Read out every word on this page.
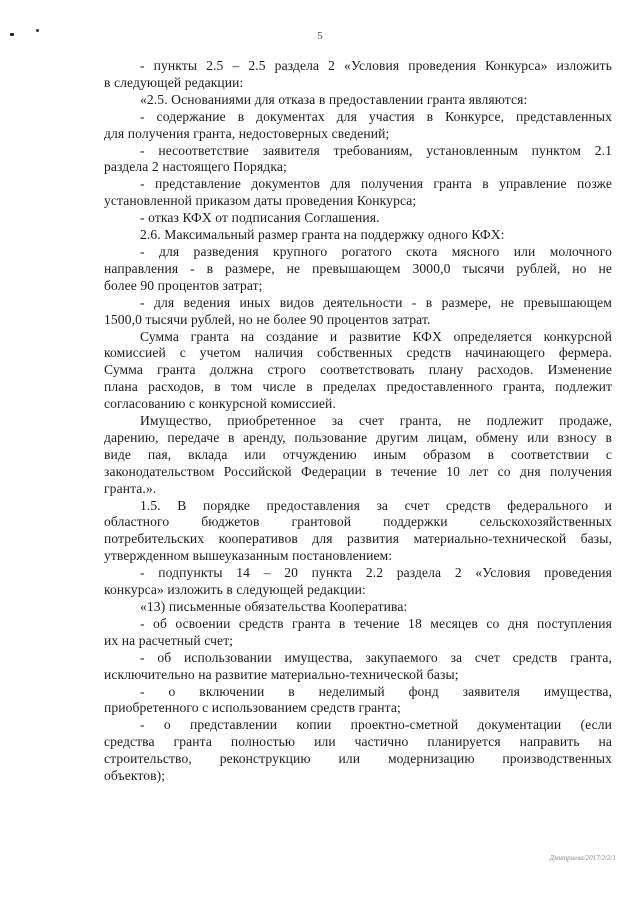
5
- пункты 2.5 – 2.5 раздела 2 «Условия проведения Конкурса» изложить
в следующей редакции:
«2.5. Основаниями для отказа в предоставлении гранта являются:
- содержание в документах для участия в Конкурсе, представленных
для получения гранта, недостоверных сведений;
- несоответствие заявителя требованиям, установленным пунктом 2.1
раздела 2 настоящего Порядка;
- представление документов для получения гранта в управление позже
установленной приказом даты проведения Конкурса;
- отказ КФХ от подписания Соглашения.
2.6. Максимальный размер гранта на поддержку одного КФХ:
- для разведения крупного рогатого скота мясного или молочного
направления - в размере, не превышающем 3000,0 тысячи рублей, но не
более 90 процентов затрат;
- для ведения иных видов деятельности - в размере, не превышающем
1500,0 тысячи рублей, но не более 90 процентов затрат.
Сумма гранта на создание и развитие КФХ определяется конкурсной
комиссией с учетом наличия собственных средств начинающего фермера.
Сумма гранта должна строго соответствовать плану расходов. Изменение
плана расходов, в том числе в пределах предоставленного гранта, подлежит
согласованию с конкурсной комиссией.
Имущество, приобретенное за счет гранта, не подлежит продаже,
дарению, передаче в аренду, пользование другим лицам, обмену или взносу в
виде пая, вклада или отчуждению иным образом в соответствии с
законодательством Российской Федерации в течение 10 лет со дня получения
гранта.».
1.5. В порядке предоставления за счет средств федерального и
областного бюджетов грантовой поддержки сельскохозяйственных
потребительских кооперативов для развития материально-технической базы,
утвержденном вышеуказанным постановлением:
- подпункты 14 – 20 пункта 2.2 раздела 2 «Условия проведения
конкурса» изложить в следующей редакции:
«13) письменные обязательства Кооператива:
- об освоении средств гранта в течение 18 месяцев со дня поступления
их на расчетный счет;
- об использовании имущества, закупаемого за счет средств гранта,
исключительно на развитие материально-технической базы;
- о включении в неделимый фонд заявителя имущества,
приобретенного с использованием средств гранта;
- о представлении копии проектно-сметной документации (если
средства гранта полностью или частично планируется направить на
строительство, реконструкцию или модернизацию производственных
объектов);
Дмитриева/2017/2/2/1
